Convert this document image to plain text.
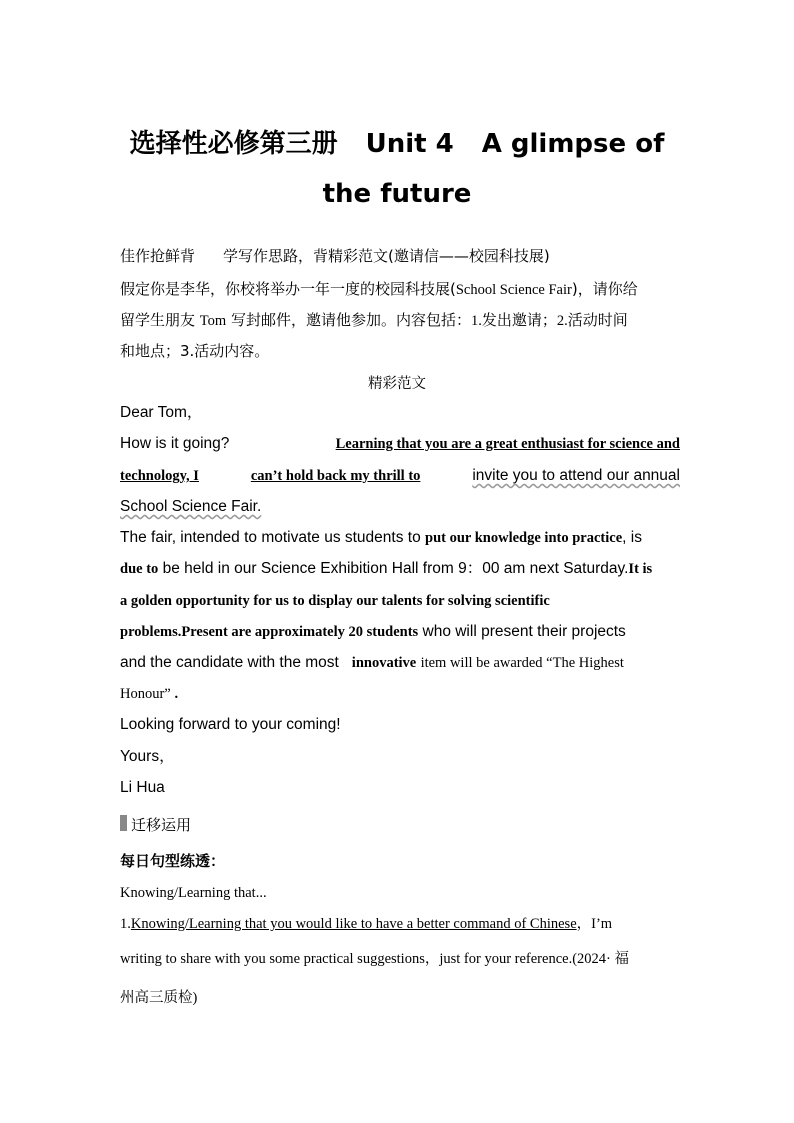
选择性必修第三册 Unit 4 A glimpse of
the future
佳作抢鲜背 学写作思路，背精彩范文(邀请信——校园科技展)
假定你是李华，你校将举办一年一度的校园科技展(School Science Fair)，请你给
留学生朋友 Tom 写封邮件，邀请他参加。内容包括：1.发出邀请；2.活动时间
和地点；3.活动内容。
精彩范文
Dear Tom，
How is it going?	Learning that you are a great enthusiast for science and
technology, I	can’t hold back my thrill to	invite you to attend our annual
School Science Fair.
The fair, intended to motivate us students to put our knowledge into practice, is
due to be held in our Science Exhibition Hall from 9：00 am next Saturday.It is
a golden opportunity for us to display our talents for solving scientific
problems.Present are approximately 20 students who will present their projects
and the candidate with the most innovative item will be awarded “The Highest
Honour” .
Looking forward to your coming!
Yours，
Li Hua
迁移运用
每日句型练透：
Knowing/Learning that...
1.Knowing/Learning that you would like to have a better command of Chinese，I’m
writing to share with you some practical suggestions，just for your reference.(2024· 福
州高三质检)
